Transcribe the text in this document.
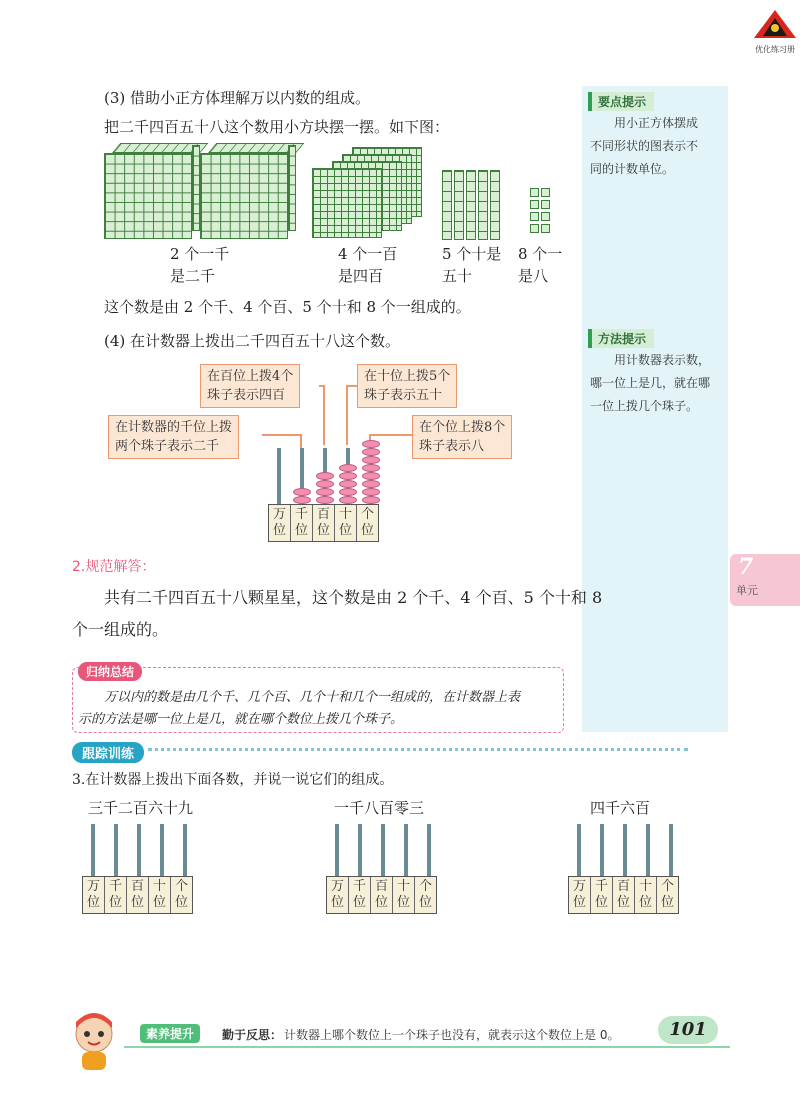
优化练习册
要点提示
用小正方体摆成
不同形状的图表示不
同的计数单位。
方法提示
用计数器表示数，
哪一位上是几，就在哪
一位上拨几个珠子。
7
单元
(3) 借助小正方体理解万以内数的组成。
把二千四百五十八这个数用小方块摆一摆。如下图：
2 个一千
是二千
4 个一百
是四百
5 个十是
五十
8 个一
是八
这个数是由 2 个千、4 个百、5 个十和 8 个一组成的。
(4) 在计数器上拨出二千四百五十八这个数。
在百位上拨4个
珠子表示四百
在十位上拨5个
珠子表示五十
在计数器的千位上拨
两个珠子表示二千
在个位上拨8个
珠子表示八
万
位
千
位
百
位
十
位
个
位
2.规范解答：
共有二千四百五十八颗星星，这个数是由 2 个千、4 个百、5 个十和 8
个一组成的。
归纳总结
万以内的数是由几个千、几个百、几个十和几个一组成的，在计数器上表
示的方法是哪一位上是几，就在哪个数位上拨几个珠子。
跟踪训练
3.在计数器上拨出下面各数，并说一说它们的组成。
三千二百六十九	一千八百零三	四千六百
万
位
千
位
百
位
十
位
个
位
万
位
千
位
百
位
十
位
个
位
万
位
千
位
百
位
十
位
个
位
素养提升	勤于反思： 计数器上哪个数位上一个珠子也没有，就表示这个数位上是 0。	101
